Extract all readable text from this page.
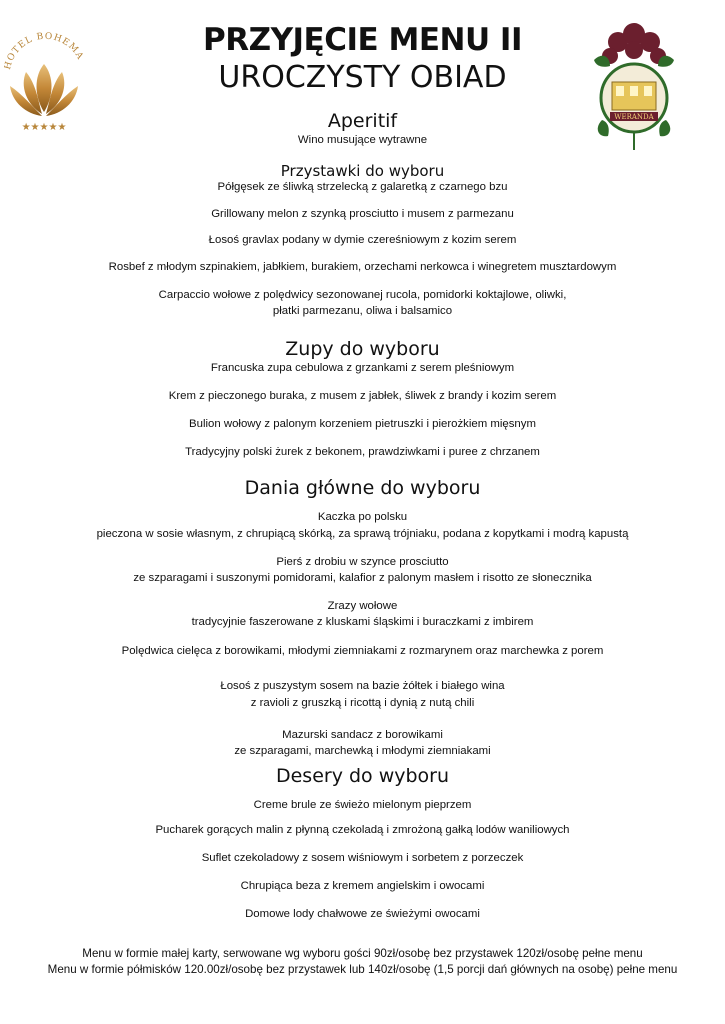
HOTEL BOHEMA
★★★★★
WERANDA
PRZYJĘCIE MENU II
UROCZYSTY OBIAD
Aperitif
Wino musujące wytrawne
Przystawki do wyboru
Półgęsek ze śliwką strzelecką z galaretką z czarnego bzu
Grillowany melon z szynką prosciutto i musem z parmezanu
Łosoś gravlax podany w dymie czereśniowym z kozim serem
Rosbef z młodym szpinakiem, jabłkiem, burakiem, orzechami nerkowca i winegretem musztardowym
Carpaccio wołowe z polędwicy sezonowanej rucola, pomidorki koktajlowe, oliwki,
płatki parmezanu, oliwa i balsamico
Zupy do wyboru
Francuska zupa cebulowa z grzankami z serem pleśniowym
Krem z pieczonego buraka, z musem z jabłek, śliwek z brandy i kozim serem
Bulion wołowy z palonym korzeniem pietruszki i pierożkiem mięsnym
Tradycyjny polski żurek z bekonem, prawdziwkami i puree z chrzanem
Dania główne do wyboru
Kaczka po polsku
pieczona w sosie własnym, z chrupiącą skórką, za sprawą trójniaku, podana z kopytkami i modrą kapustą
Pierś z drobiu w szynce prosciutto
ze szparagami i suszonymi pomidorami, kalafior z palonym masłem i risotto ze słonecznika
Zrazy wołowe
tradycyjnie faszerowane z kluskami śląskimi i buraczkami z imbirem
Polędwica cielęca z borowikami, młodymi ziemniakami z rozmarynem oraz marchewka z porem
Łosoś z puszystym sosem na bazie żółtek i białego wina
z ravioli z gruszką i ricottą i dynią z nutą chili
Mazurski sandacz z borowikami
ze szparagami, marchewką i młodymi ziemniakami
Desery do wyboru
Creme brule ze świeżo mielonym pieprzem
Pucharek gorących malin z płynną czekoladą i zmrożoną gałką lodów waniliowych
Suflet czekoladowy z sosem wiśniowym i sorbetem z porzeczek
Chrupiąca beza z kremem angielskim i owocami
Domowe lody chałwowe ze świeżymi owocami
Menu w formie małej karty, serwowane wg wyboru gości 90zł/osobę bez przystawek 120zł/osobę pełne menu
Menu w formie półmisków 120.00zł/osobę bez przystawek lub 140zł/osobę (1,5 porcji dań głównych na osobę) pełne menu
